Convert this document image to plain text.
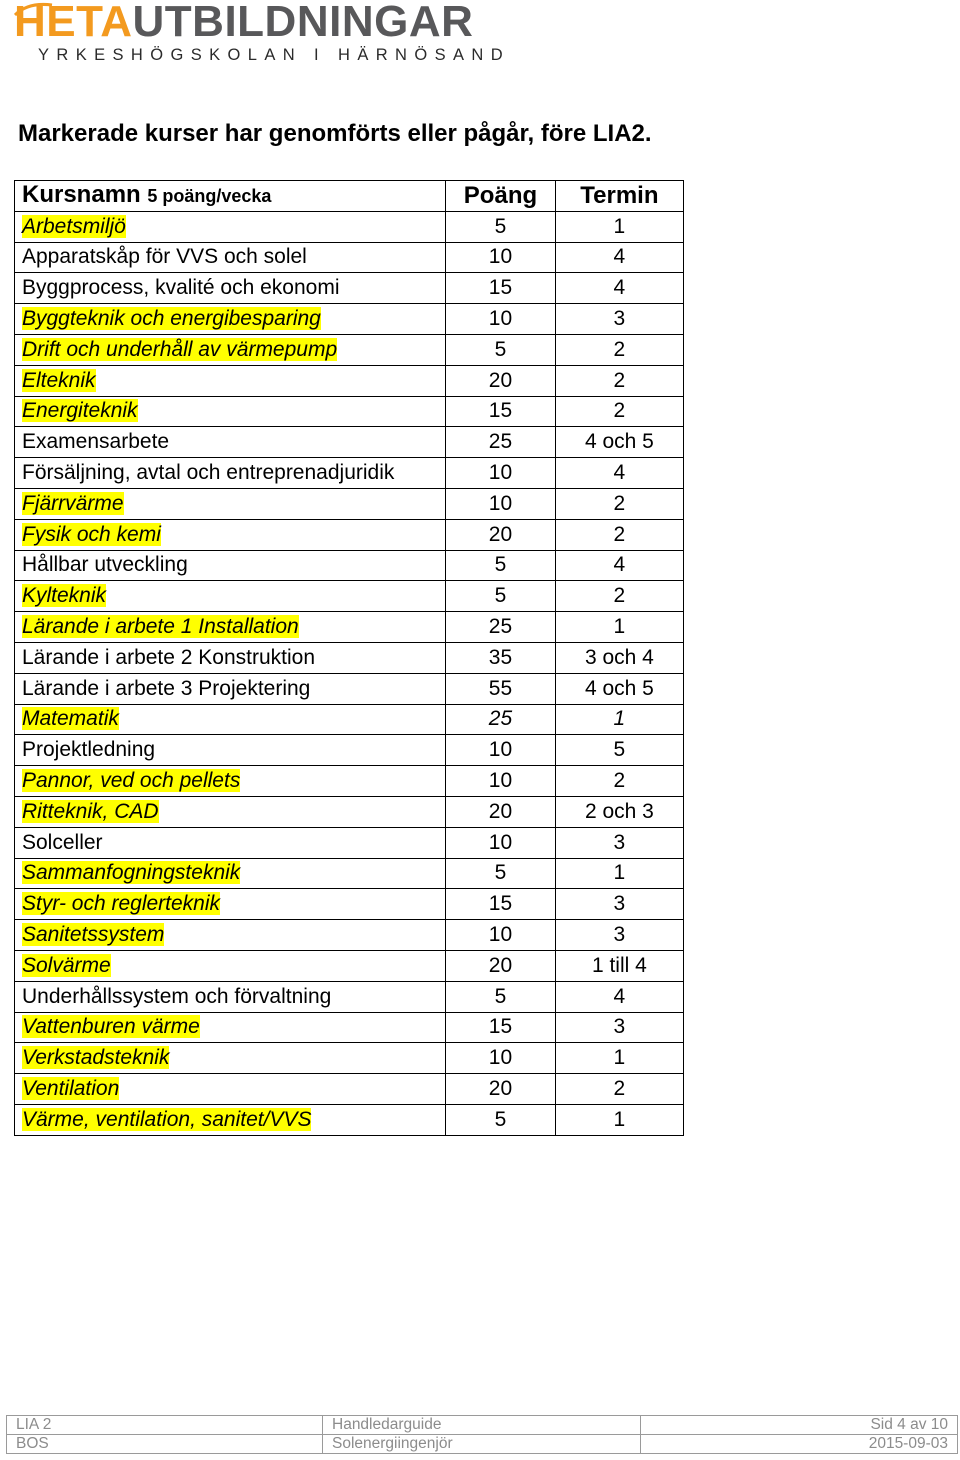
HETAUTBILDNINGAR
YRKESHÖGSKOLAN I HÄRNÖSAND
Markerade kurser har genomförts eller pågår, före LIA2.
Kursnamn 5 poäng/vecka	Poäng	Termin
Arbetsmiljö	5	1
Apparatskåp för VVS och solel	10	4
Byggprocess, kvalité och ekonomi	15	4
Byggteknik och energibesparing	10	3
Drift och underhåll av värmepump	5	2
Elteknik	20	2
Energiteknik	15	2
Examensarbete	25	4 och 5
Försäljning, avtal och entreprenadjuridik	10	4
Fjärrvärme	10	2
Fysik och kemi	20	2
Hållbar utveckling	5	4
Kylteknik	5	2
Lärande i arbete 1 Installation	25	1
Lärande i arbete 2 Konstruktion	35	3 och 4
Lärande i arbete 3 Projektering	55	4 och 5
Matematik	25	1
Projektledning	10	5
Pannor, ved och pellets	10	2
Ritteknik, CAD	20	2 och 3
Solceller	10	3
Sammanfogningsteknik	5	1
Styr- och reglerteknik	15	3
Sanitetssystem	10	3
Solvärme	20	1 till 4
Underhållssystem och förvaltning	5	4
Vattenburen värme	15	3
Verkstadsteknik	10	1
Ventilation	20	2
Värme, ventilation, sanitet/VVS	5	1
LIA 2	Handledarguide	Sid 4 av 10
BOS	Solenergiingenjör	2015-09-03
